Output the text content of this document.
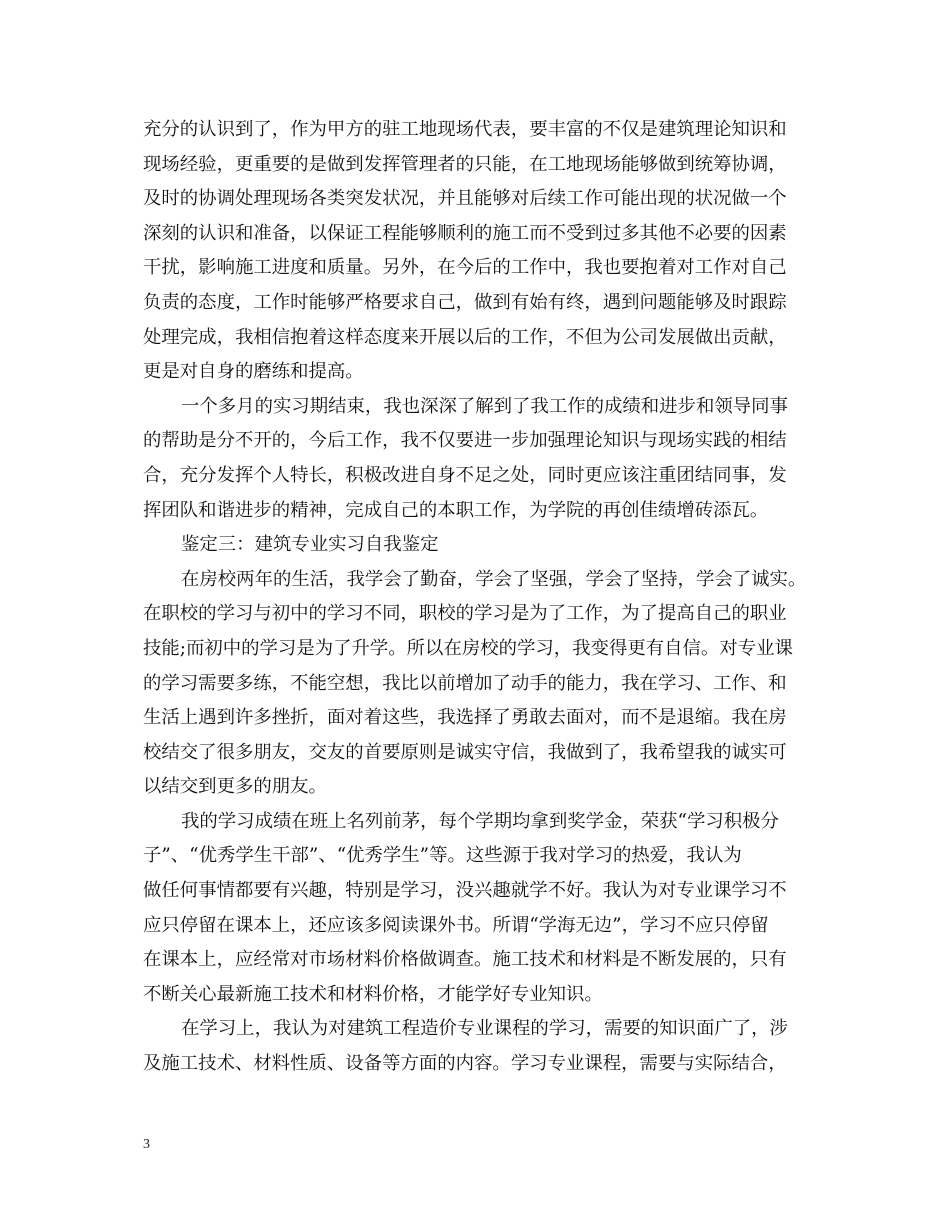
充分的认识到了，作为甲方的驻工地现场代表，要丰富的不仅是建筑理论知识和
现场经验，更重要的是做到发挥管理者的只能，在工地现场能够做到统筹协调，
及时的协调处理现场各类突发状况，并且能够对后续工作可能出现的状况做一个
深刻的认识和准备，以保证工程能够顺利的施工而不受到过多其他不必要的因素
干扰，影响施工进度和质量。另外，在今后的工作中，我也要抱着对工作对自己
负责的态度，工作时能够严格要求自己，做到有始有终，遇到问题能够及时跟踪
处理完成，我相信抱着这样态度来开展以后的工作，不但为公司发展做出贡献，
更是对自身的磨练和提高。
一个多月的实习期结束，我也深深了解到了我工作的成绩和进步和领导同事
的帮助是分不开的，今后工作，我不仅要进一步加强理论知识与现场实践的相结
合，充分发挥个人特长，积极改进自身不足之处，同时更应该注重团结同事，发
挥团队和谐进步的精神，完成自己的本职工作，为学院的再创佳绩增砖添瓦。
鉴定三：建筑专业实习自我鉴定
在房校两年的生活，我学会了勤奋，学会了坚强，学会了坚持，学会了诚实。
在职校的学习与初中的学习不同，职校的学习是为了工作，为了提高自己的职业
技能;而初中的学习是为了升学。所以在房校的学习，我变得更有自信。对专业课
的学习需要多练，不能空想，我比以前增加了动手的能力，我在学习、工作、和
生活上遇到许多挫折，面对着这些，我选择了勇敢去面对，而不是退缩。我在房
校结交了很多朋友，交友的首要原则是诚实守信，我做到了，我希望我的诚实可
以结交到更多的朋友。
我的学习成绩在班上名列前茅，每个学期均拿到奖学金，荣获“学习积极分
子”、“优秀学生干部”、“优秀学生”等。这些源于我对学习的热爱，我认为
做任何事情都要有兴趣，特别是学习，没兴趣就学不好。我认为对专业课学习不
应只停留在课本上，还应该多阅读课外书。所谓“学海无边”，学习不应只停留
在课本上，应经常对市场材料价格做调查。施工技术和材料是不断发展的，只有
不断关心最新施工技术和材料价格，才能学好专业知识。
在学习上，我认为对建筑工程造价专业课程的学习，需要的知识面广了，涉
及施工技术、材料性质、设备等方面的内容。学习专业课程，需要与实际结合，
3
